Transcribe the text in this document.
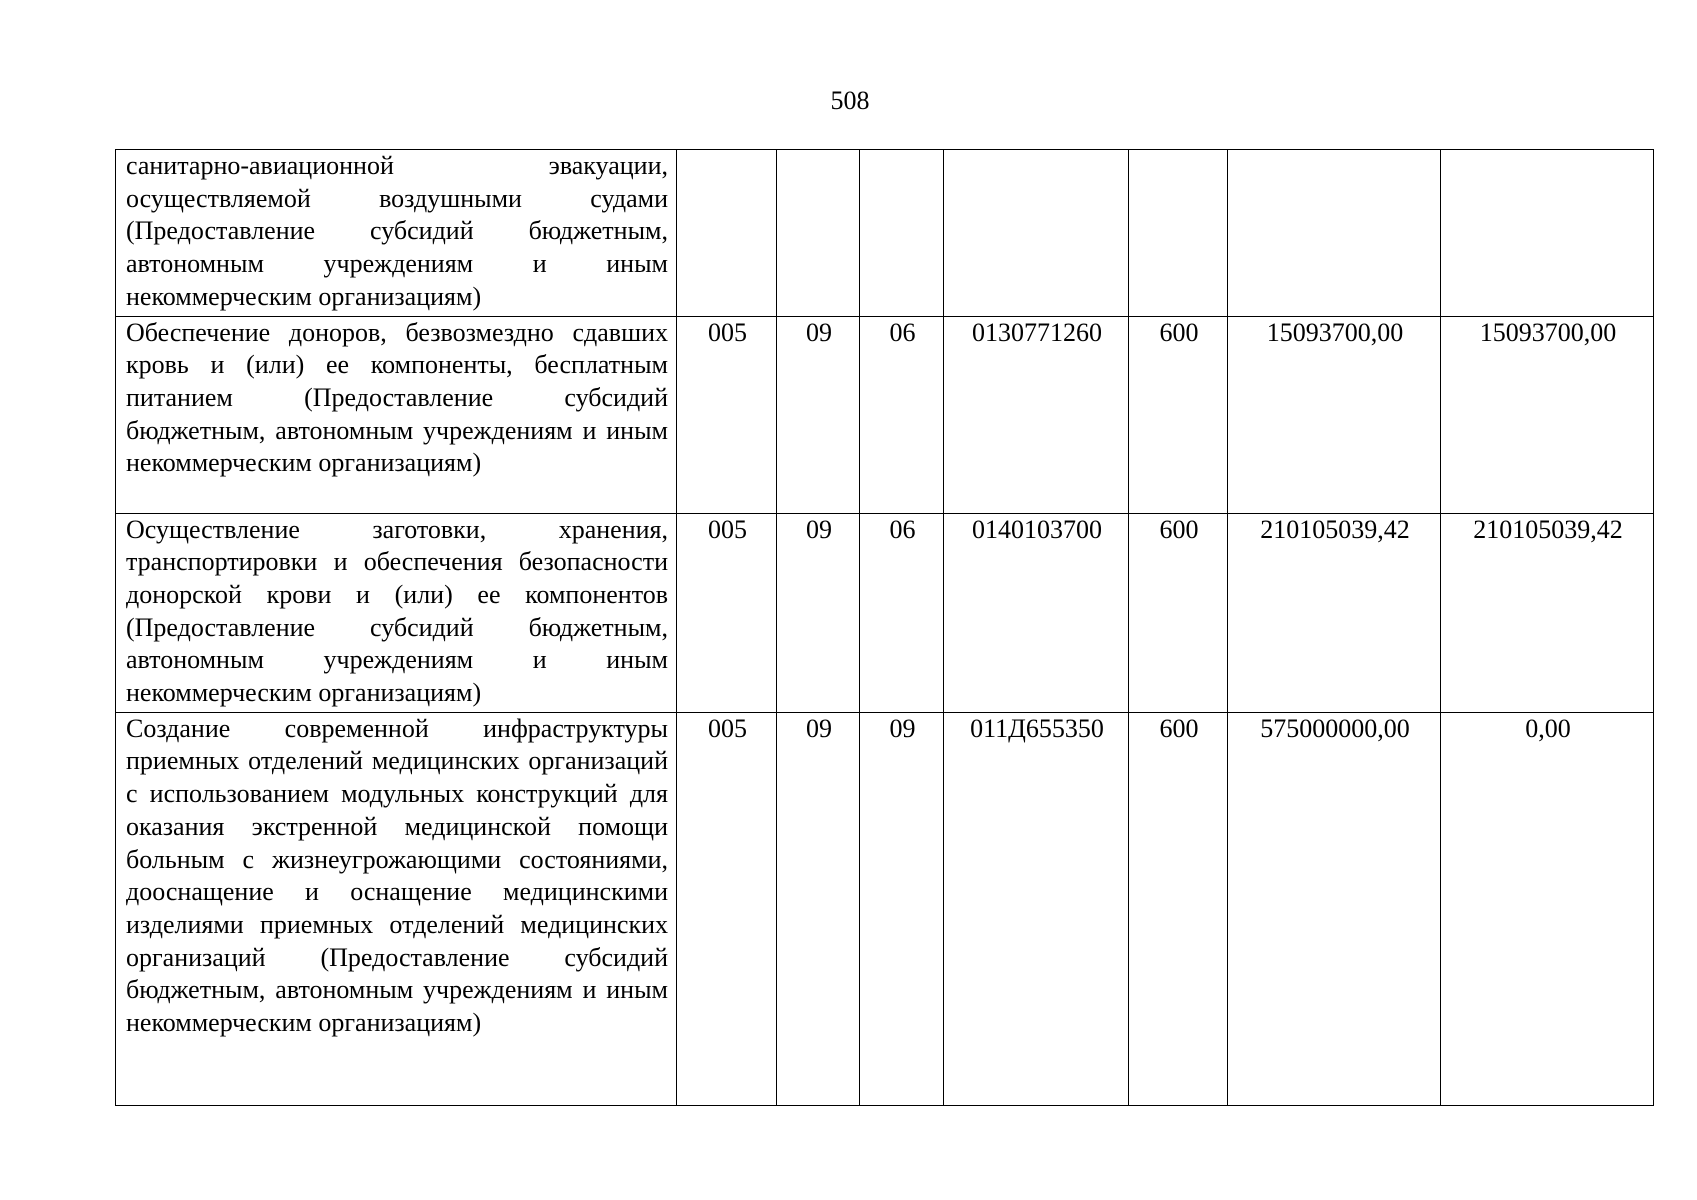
508
санитарно-авиационной эвакуации, осуществляемой воздушными судами (Предоставление субсидий бюджетным, автономным учреждениям и иным некоммерческим организациям)							
Обеспечение доноров, безвозмездно сдавших кровь и (или) ее компоненты, бесплатным питанием (Предоставление субсидий бюджетным, автономным учреждениям и иным некоммерческим организациям)	005	09	06	0130771260	600	15093700,00	15093700,00
Осуществление заготовки, хранения, транспортировки и обеспечения безопасности донорской крови и (или) ее компонентов (Предоставление субсидий бюджетным, автономным учреждениям и иным некоммерческим организациям)	005	09	06	0140103700	600	210105039,42	210105039,42
Создание современной инфраструктуры приемных отделений медицинских организаций с использованием модульных конструкций для оказания экстренной медицинской помощи больным с жизнеугрожающими состояниями, дооснащение и оснащение медицинскими изделиями приемных отделений медицинских организаций (Предоставление субсидий бюджетным, автономным учреждениям и иным некоммерческим организациям)	005	09	09	011Д655350	600	575000000,00	0,00
